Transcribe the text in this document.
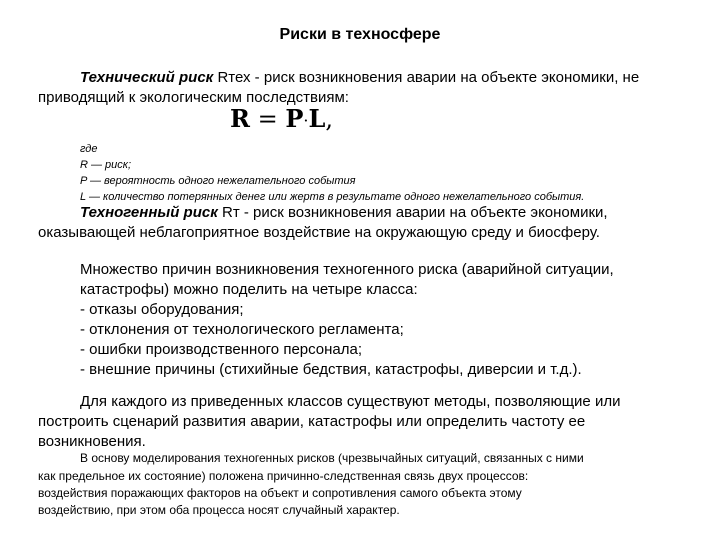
Риски в техносфере
Технический риск Rтех - риск возникновения аварии на объекте экономики, не
приводящий к экологическим последствиям:
R = P·L,
где
R — риск;
P — вероятность одного нежелательного события
L — количество потерянных денег или жертв в результате одного нежелательного события.
Техногенный риск Rт - риск возникновения аварии на объекте экономики,
оказывающей неблагоприятное воздействие на окружающую среду и биосферу.
Множество причин возникновения техногенного риска (аварийной ситуации,
катастрофы) можно поделить на четыре класса:
- отказы оборудования;
- отклонения от технологического регламента;
- ошибки производственного персонала;
- внешние причины (стихийные бедствия, катастрофы, диверсии и т.д.).
Для каждого из приведенных классов существуют методы, позволяющие или
построить сценарий развития аварии, катастрофы или определить частоту ее
возникновения.
В основу моделирования техногенных рисков (чрезвычайных ситуаций, связанных с ними
как предельное их состояние) положена причинно-следственная связь двух процессов:
воздействия поражающих факторов на объект и сопротивления самого объекта этому
воздействию, при этом оба процесса носят случайный характер.
